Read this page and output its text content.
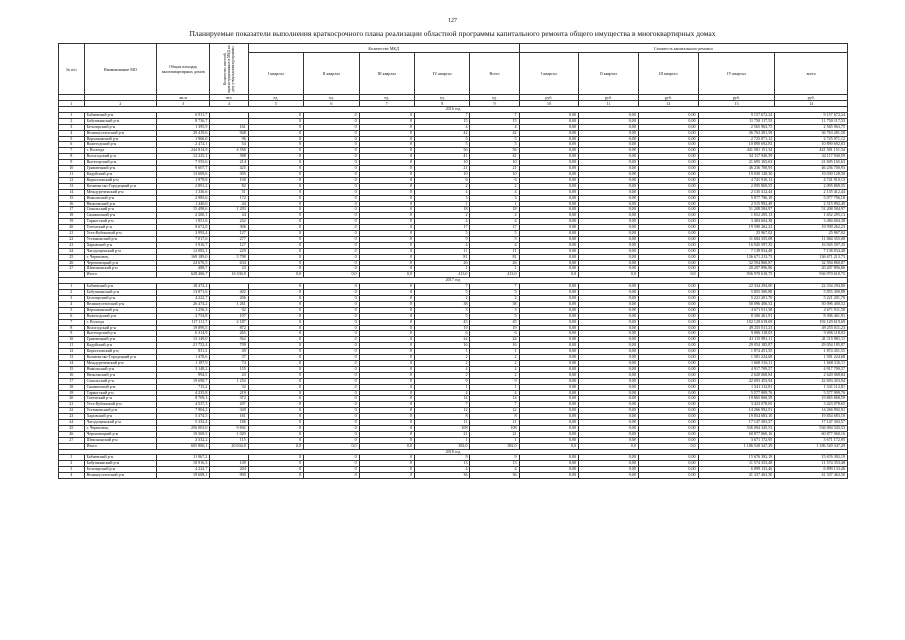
127
Планируемые показатели выполнения краткосрочного плана реализации областной программы капитального ремонта общего имущества в многоквартирных домах
№ п/п	Наименование МО	Общая площадь многоквартирных домов	Количество жителей, зарегистрированных в МКД на дату утверждения программы	Количество МКД					Стоимость капитального ремонта				
				I квартал	II квартал	III квартал	IV квартал	Всего	I квартал	II квартал	III квартал	IV квартал	всего
		кв.м	чел.	ед.	ед.	ед.	ед.	ед.	руб.	руб.	руб.	руб.	руб.
1	2	3	4	5	6	7	8	9	10	11	12	13	14
2016 год													
1	Бабаевский р-н	6 911,7		0	0	0	7	7	0,00	0,00	0,00	9 157 672,24	9 157 672,24
2	Бабушкинский р-н	8 736,7		0	0	0	15	15	0,00	0,00	0,00	11 750 117,53	11 750 117,53
3	Белозерский р-н	1 395,9	161	0	0	0	4	4	0,00	0,00	0,00	2 565 963,75	2 565 963,75
4	Великоустюгский р-н	29 419,6	948	0	0	0	42	42	0,00	0,00	0,00	36 763 281,58	36 763 281,58
5	Верховажский р-н	1 966,0	96	0	0	0	5	5	0,00	0,00	0,00	2 725 071,12	2 725 071,12
6	Вожегодский р-н	2 472,1	54	0	0	0	5	5	0,00	0,00	0,00	10 890 692,83	10 890 692,83
7	г. Вологда	244 814,9	4 558	0	0	0	56	56	0,00	0,00	0,00	441 581 151,34	441 581 151,34
8	Вологодский р-н	12 225,1	588	0	0	0	41	41	0,00	0,00	0,00	34 117 940,59	34 117 940,59
9	Вытегорский р-н	7 555,6	214	0	0	0	10	10	0,00	0,00	0,00	21 695 165,63	21 695 165,63
10	Грязовецкий р-н	9 607,7	425	0	0	0	21	21	0,00	0,00	0,00	46 236 700,93	46 236 700,93
11	Кадуйский р-н	13 609,6	305	0	0	0	10	10	0,00	0,00	0,00	19 030 128,30	19 030 128,30
12	Кирилловский р-н	1 978,8	100	0	0	0	6	6	0,00	0,00	0,00	4 741 910,13	4 741 910,13
13	Кичменгско-Городецкий р-н	2 891,2	82	0	0	0	2	2	0,00	0,00	0,00	2 095 869,55	2 095 869,55
14	Междуреченский р-н	1 336,6	51	0	0	0	4	4	0,00	0,00	0,00	2 135 412,44	2 135 412,44
15	Никольский р-н	2 985,6	172	0	0	0	3	3	0,00	0,00	0,00	5 077 796,18	5 077 796,18
16	Нюксенский р-н	1 440,6	44	0	0	0	1	1	0,00	0,00	0,00	2 515 992,49	2 515 992,49
17	Сокольский р-н	15 498,6	1 293	0	0	0	18	18	0,00	0,00	0,00	51 208 584,97	51 208 584,97
18	Сямженский р-н	2 260,1	44	0	0	0	2	2	0,00	0,00	0,00	1 652 295,13	1 652 295,13
19	Тарногский р-н	1 851,6	242	0	0	0	4	4	0,00	0,00	0,00	3 484 604,38	3 484 604,38
20	Тотемский р-н	8 672,0	306	0	0	0	17	17	0,00	0,00	0,00	19 590 262,23	19 590 262,23
21	Усть-Кубинский р-н	3 992,4	127	0	0	0	5	5	0,00	0,00	0,00	25 967,02	25 967,02
22	Устюженский р-н	7 017,6	277	0	0	0	9	9	0,00	0,00	0,00	11 684 355,08	11 684 355,08
23	Харовский р-н	3 916,7	127	0	0	0	4	4	0,00	0,00	0,00	16 945 597,35	16 945 597,35
24	Чагодощенский р-н	12 082,1	229	0	0	0	11	11	0,00	0,00	0,00	7 138 834,48	7 138 834,48
25	г. Череповец	169 189,0	5 798	0	0	0	81	81	0,00	0,00	0,00	136 671 213,73	136 671 213,73
26	Череповецкий р-н	24 676,5	634	0	0	0	26	26	0,00	0,00	0,00	32 594 860,87	32 594 860,87
27	Шекснинский р-н	488,7	23	0	0	0	1	1	0,00	0,00	0,00	20 207 896,86	20 207 896,86
	Итого	628 466,7	16 330,0	0,0	0,0	0,0	413,0	413,0	0,0	0,0	0,0	936 970 610,75	936 970 610,75
2017 год													
1	Бабаевский р-н	18 472,2		0	0	0	7	7	0,00	0,00	0,00	22 334 294,00	22 334 294,00
2	Бабушкинский р-н	13 871,6	402	0	0	0	5	5	0,00	0,00	0,00	5 855 300,88	5 855 300,88
3	Белозерский р-н	4 222,7	206	0	0	0	2	2	0,00	0,00	0,00	5 221 201,70	5 221 201,70
4	Великоустюгский р-н	26 474,2	1 261	0	0	0	38	38	0,00	0,00	0,00	50 096 400,52	50 096 400,52
5	Верховажский р-н	1 256,3	92	0	0	0	3	3	0,00	0,00	0,00	4 671 911,58	4 671 911,58
6	Вожегодский р-н	2 754,8	107	0	0	0	5	5	0,00	0,00	0,00	8 306 461,91	8 306 461,91
7	г. Вологда	117 111,7	2 187	0	0	0	45	45	0,00	0,00	0,00	192 129 619,69	192 129 619,69
8	Вологодский р-н	19 899,5	872	0	0	0	19	19	0,00	0,00	0,00	49 255 011,23	49 255 011,23
9	Вытегорский р-н	6 314,9	265	0	0	0	6	6	0,00	0,00	0,00	9 006 118,03	9 006 118,03
10	Грязовецкий р-н	13 149,0	562	0	0	0	24	24	0,00	0,00	0,00	41 115 981,11	41 115 981,11
11	Кадуйский р-н	21 752,4	709	0	0	0	16	16	0,00	0,00	0,00	29 054 185,87	29 054 185,87
12	Кирилловский р-н	831,2	49	0	0	0	1	1	0,00	0,00	0,00	1 874 451,55	1 874 451,55
13	Кичменгско-Городецкий р-н	1 478,6	37	0	0	0	2	2	0,00	0,00	0,00	1 581 224,68	1 581 224,68
14	Междуреченский р-н	1 187,9	74	0	0	0	2	2	0,00	0,00	0,00	1 668 316,11	1 668 316,11
15	Никольский р-н	3 148,2	155	0	0	0	4	4	0,00	0,00	0,00	4 917 709,57	4 917 709,57
16	Нюксенский р-н	994,5	43	0	0	0	2	2	0,00	0,00	0,00	2 620 068,84	2 620 068,84
17	Сокольский р-н	19 698,7	1 254	0	0	0	9	9	0,00	0,00	0,00	42 693 453,94	42 693 453,94
18	Сямженский р-н	715,2	32	0	0	0	1	1	0,00	0,00	0,00	1 541 112,81	1 541 112,81
19	Тарногский р-н	4 235,8	219	0	0	0	4	4	0,00	0,00	0,00	5 577 909,76	5 577 909,76
20	Тотемский р-н	8 709,3	372	0	0	0	14	14	0,00	0,00	0,00	19 865 868,59	19 865 868,59
21	Усть-Кубинский р-н	4 537,3	207	0	0	0	7	7	0,00	0,00	0,00	3 423 078,65	3 423 078,65
22	Устюженский р-н	7 904,2	349	0	0	0	12	12	0,00	0,00	0,00	14 266 992,91	14 266 992,91
23	Харовский р-н	5 374,5	161	0	0	0	8	8	0,00	0,00	0,00	19 854 683,10	19 854 683,10
24	Чагодощенский р-н	5 332,4	186	0	0	0	11	11	0,00	0,00	0,00	17 147 303,57	17 147 303,57
25	г. Череповец	256 003,0	9 692	0	0	0	108	108	0,00	0,00	0,00	536 094 345,53	536 094 345,53
26	Череповецкий р-н	19 569,5	1 029	0	0	0	21	21	0,00	0,00	0,00	60 877 060,16	60 877 060,16
27	Шекснинский р-н	2 332,2	115	0	0	0	1	1	0,00	0,00	0,00	3 671 172,95	3 671 172,95
	Итого	605 806,1	20 634,0	0,0	0,0	0,0	382,0	382,0	0,0	0,0	0,0	1 186 520 347,29	1 186 520 347,29
2018 год													
1	Бабаевский р-н	11 067,2		0	0	0	9	9	0,00	0,00	0,00	15 676 392,19	15 676 392,19
2	Бабушкинский р-н	10 916,3	149	0	0	0	13	13	0,00	0,00	0,00	11 574 353,48	11 574 353,48
3	Белозерский р-н	4 222,7	204	0	0	0	4	4	0,00	0,00	0,00	6 899 133,46	6 899 133,46
4	Великоустюгский р-н	19 608,1	900	0	0	0	36	36	0,00	0,00	0,00	41 337 463,50	41 337 463,50
